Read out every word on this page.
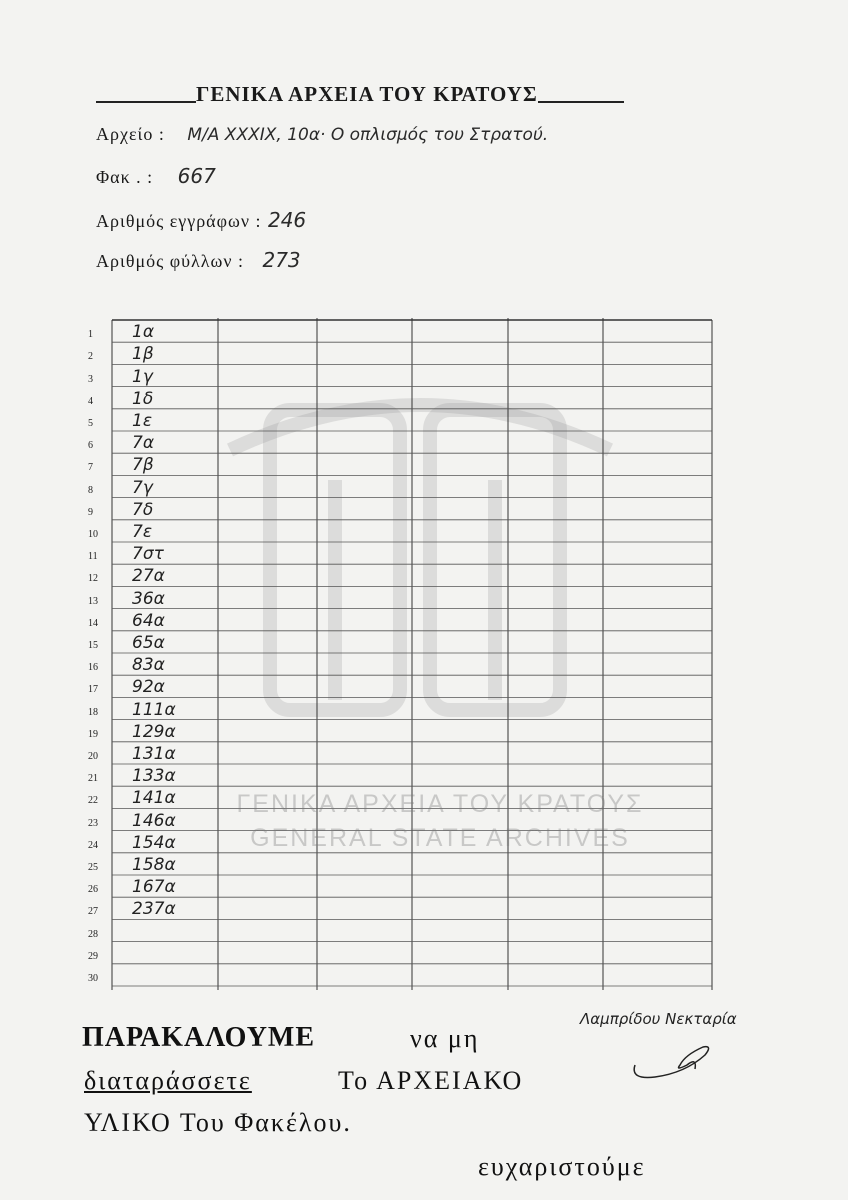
ΓΕΝΙΚΑ ΑΡΧΕΙΑ ΤΟΥ ΚΡΑΤΟΥΣ
Αρχείο : Μ/Α XXXIX, 10α· Ο οπλισμός του Στρατού.
Φακ . : 667
Αριθμός εγγράφων : 246
Αριθμός φύλλων : 273
1	1α
2	1β
3	1γ
4	1δ
5	1ε
6	7α
7	7β
8	7γ
9	7δ
10	7ε
11	7στ
12	27α
13	36α
14	64α
15	65α
16	83α
17	92α
18	111α
19	129α
20	131α
21	133α
22	141α
23	146α
24	154α
25	158α
26	167α
27	237α
28
29
30
ΓΕΝΙΚΑ ΑΡΧΕΙΑ ΤΟΥ ΚΡΑΤΟΥΣ
GENERAL STATE ARCHIVES
ΠΑΡΑΚΑΛΟΥΜΕ	να μη
διαταράσσετε	Το ΑΡΧΕΙΑΚΟ
ΥΛΙΚΟ Του Φακέλου.
ευχαριστούμε
Λαμπρίδου Νεκταρία
